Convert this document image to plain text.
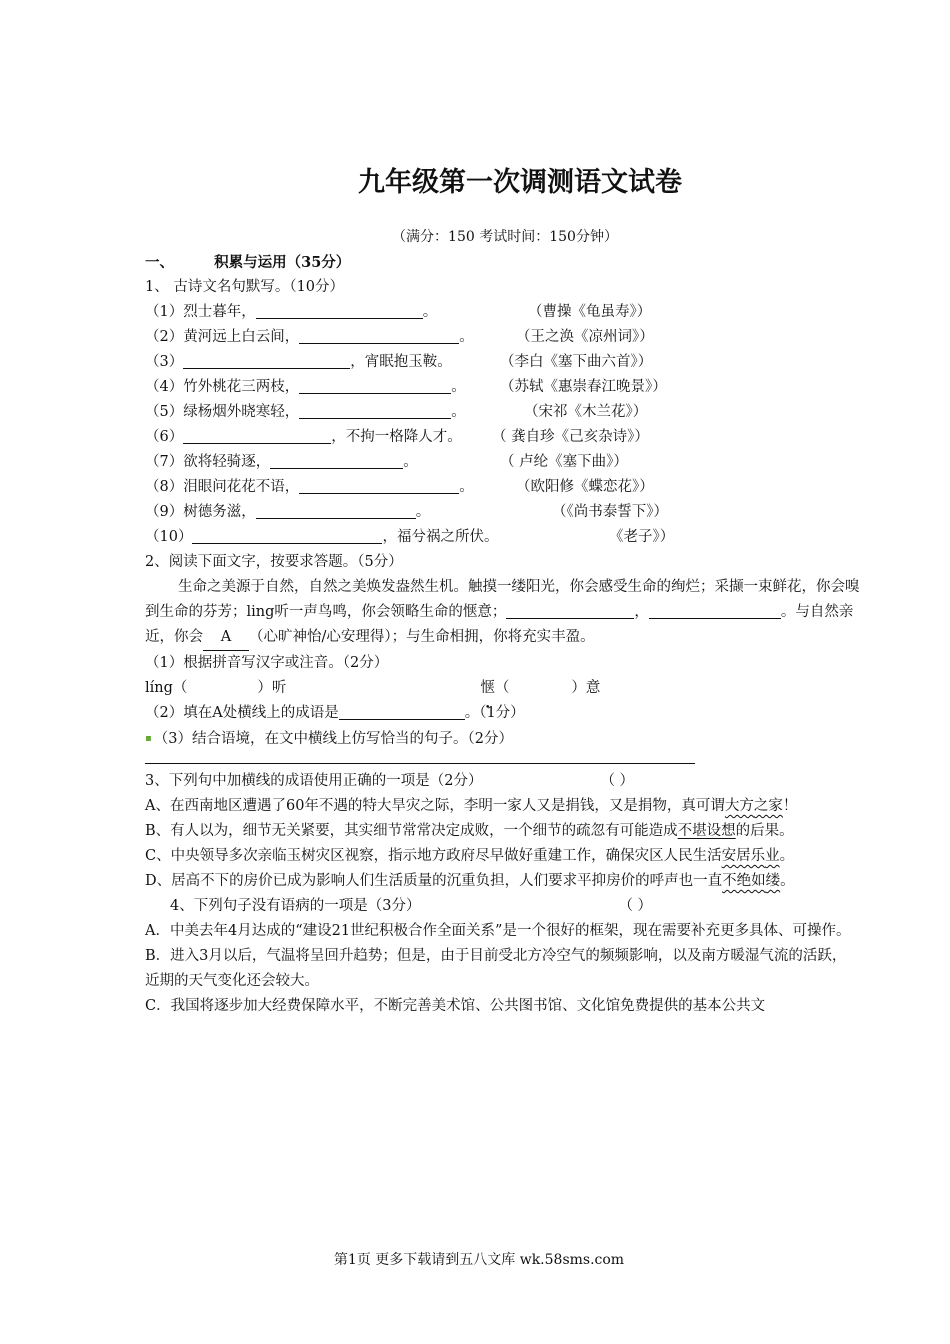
九年级第一次调测语文试卷
（满分：150 考试时间：150分钟）
一、	积累与运用（35分）
1、 古诗文名句默写。（10分）
（1）烈士暮年，	。	（曹操《龟虽寿》）
（2）黄河远上白云间，	。	（王之涣《凉州词》）
（3）	，宵眠抱玉鞍。	（李白《塞下曲六首》）
（4）竹外桃花三两枝，	。	（苏轼《惠崇春江晚景》）
（5）绿杨烟外晓寒轻，	。	（宋祁《木兰花》）
（6）	，不拘一格降人才。	（ 龚自珍《己亥杂诗》）
（7）欲将轻骑逐，	。	（ 卢纶《塞下曲》）
（8）泪眼问花花不语，	。	（欧阳修《蝶恋花》）
（9）树德务滋，	。	（《尚书泰誓下》）
（10）	，福兮祸之所伏。	《老子》）
2、阅读下面文字，按要求答题。（5分）
生命之美源于自然，自然之美焕发盎然生机。触摸一缕阳光，你会感受生命的绚烂；采撷一束鲜花，你会嗅到生命的芬芳；ling听一声鸟鸣，你会领略生命的惬意；	，	。与自然亲近，你会 A （心旷神怡/心安理得）；与生命相拥，你将充实丰盈。
（1）根据拼音写汉字或注音。（2分）
líng（	）听	惬（	）意
（2）填在A处横线上的成语是	。（1分）
▪ （3）结合语境，在文中横线上仿写恰当的句子。（2分）
3、下列句中加横线的成语使用正确的一项是（2分）	（ ）
A、在西南地区遭遇了60年不遇的特大旱灾之际，李明一家人又是捐钱，又是捐物，真可谓大方之家！
B、有人以为，细节无关紧要，其实细节常常决定成败，一个细节的疏忽有可能造成不堪设想的后果。
C、中央领导多次亲临玉树灾区视察，指示地方政府尽早做好重建工作，确保灾区人民生活安居乐业。
D、居高不下的房价已成为影响人们生活质量的沉重负担，人们要求平抑房价的呼声也一直不绝如缕。
4、下列句子没有语病的一项是（3分）	（ ）
A．中美去年4月达成的“建设21世纪积极合作全面关系”是一个很好的框架，现在需要补充更多具体、可操作。
B．进入3月以后，气温将呈回升趋势；但是，由于目前受北方冷空气的频频影响，以及南方暖湿气流的活跃，近期的天气变化还会较大。
C．我国将逐步加大经费保障水平，不断完善美术馆、公共图书馆、文化馆免费提供的基本公共文
第1页 更多下载请到五八文库 wk.58sms.com
